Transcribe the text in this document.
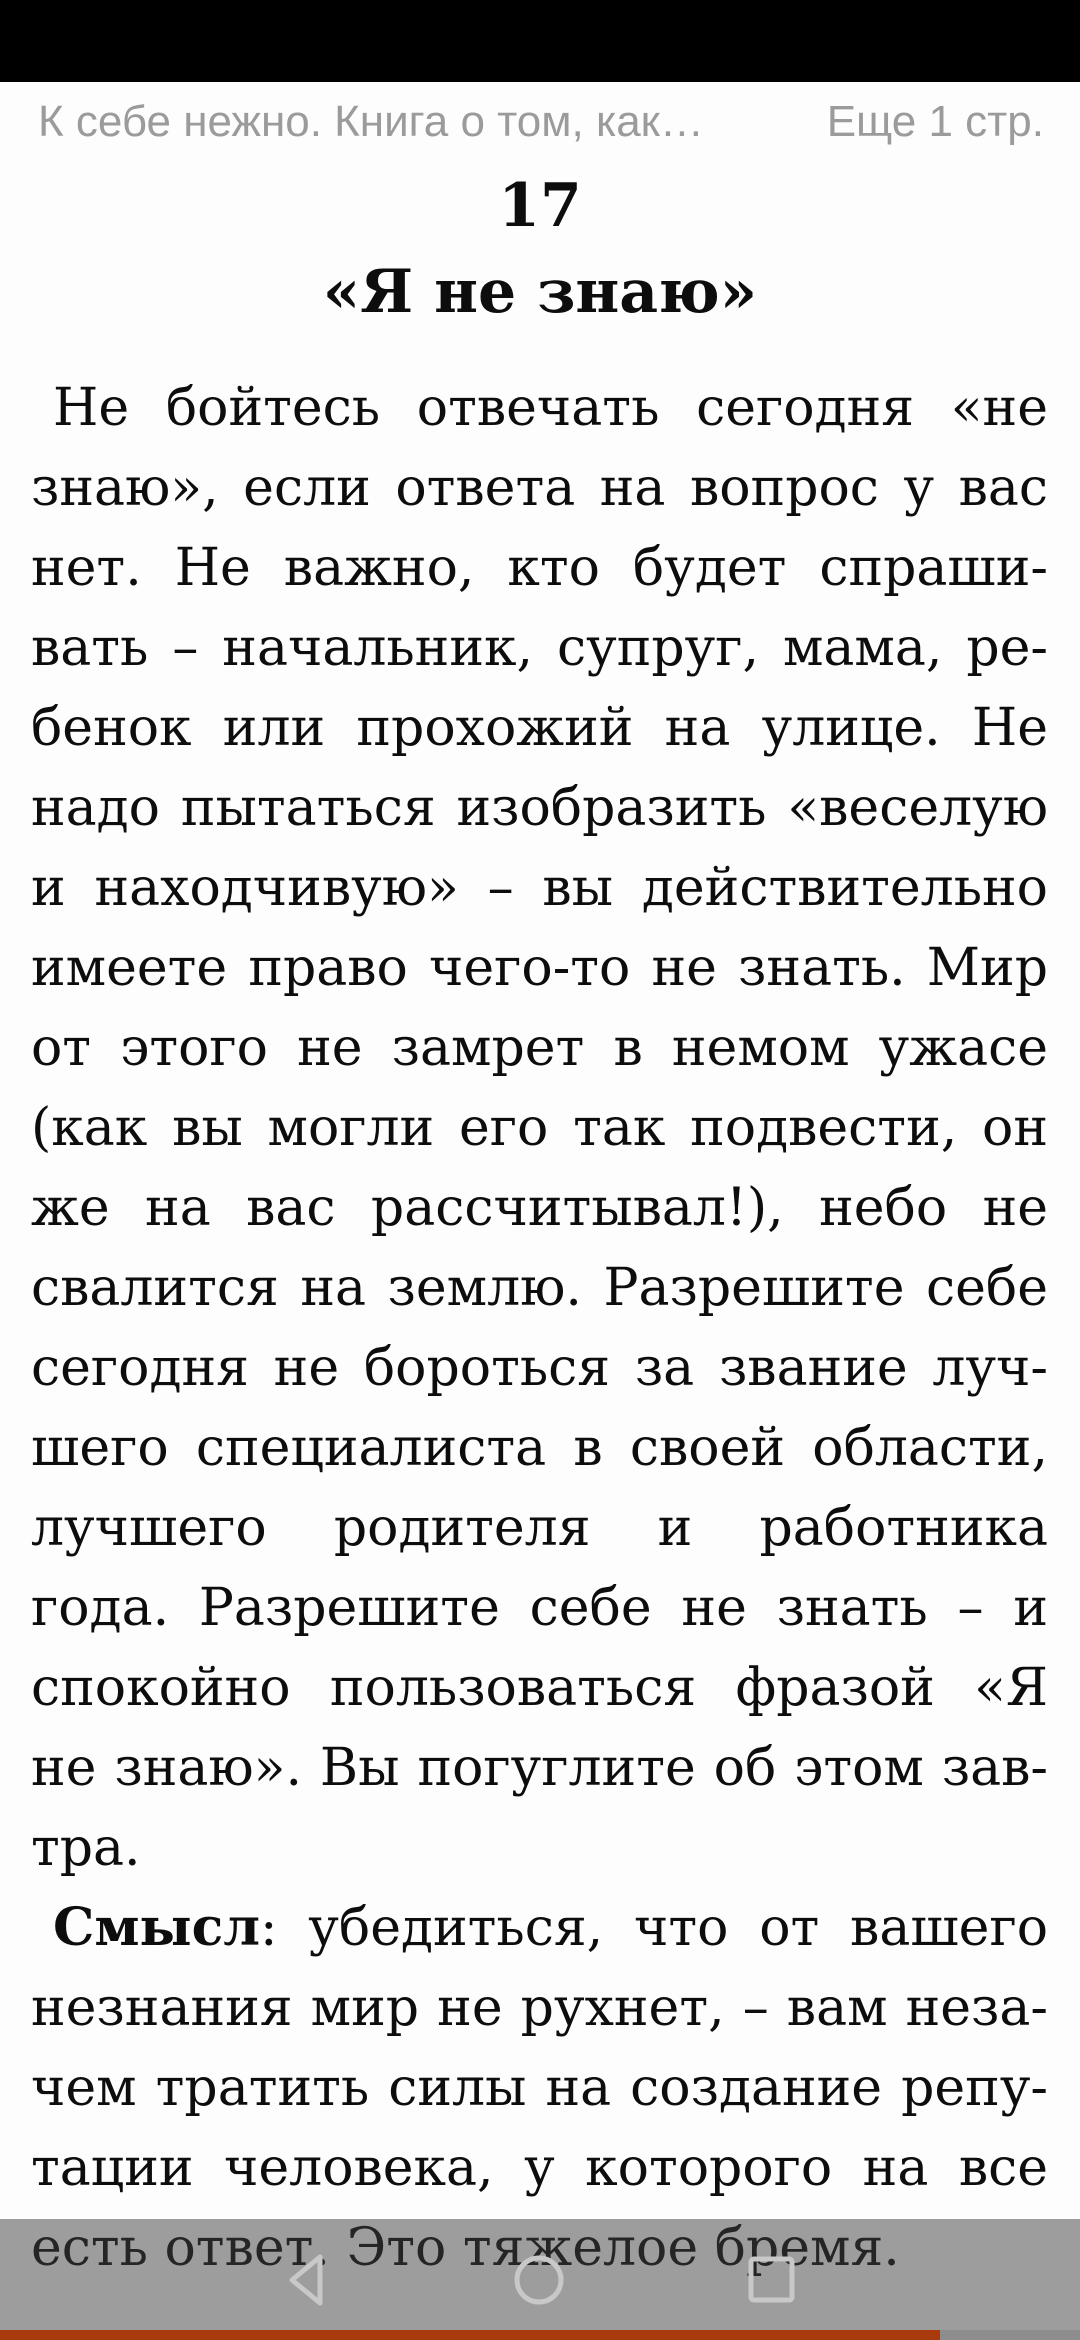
К себе нежно. Книга о том, как…	Еще 1 стр.
17
«Я не знаю»
Не бойтесь отвечать сегодня «не
знаю», если ответа на вопрос у вас
нет. Не важно, кто будет спраши-
вать – начальник, супруг, мама, ре-
бенок или прохожий на улице. Не
надо пытаться изобразить «веселую
и находчивую» – вы действительно
имеете право чего-то не знать. Мир
от этого не замрет в немом ужасе
(как вы могли его так подвести, он
же на вас рассчитывал!), небо не
свалится на землю. Разрешите себе
сегодня не бороться за звание луч-
шего специалиста в своей области,
лучшего родителя и работника
года. Разрешите себе не знать – и
спокойно пользоваться фразой «Я
не знаю». Вы погуглите об этом зав-
тра.
Смысл: убедиться, что от вашего
незнания мир не рухнет, – вам неза-
чем тратить силы на создание репу-
тации человека, у которого на все
